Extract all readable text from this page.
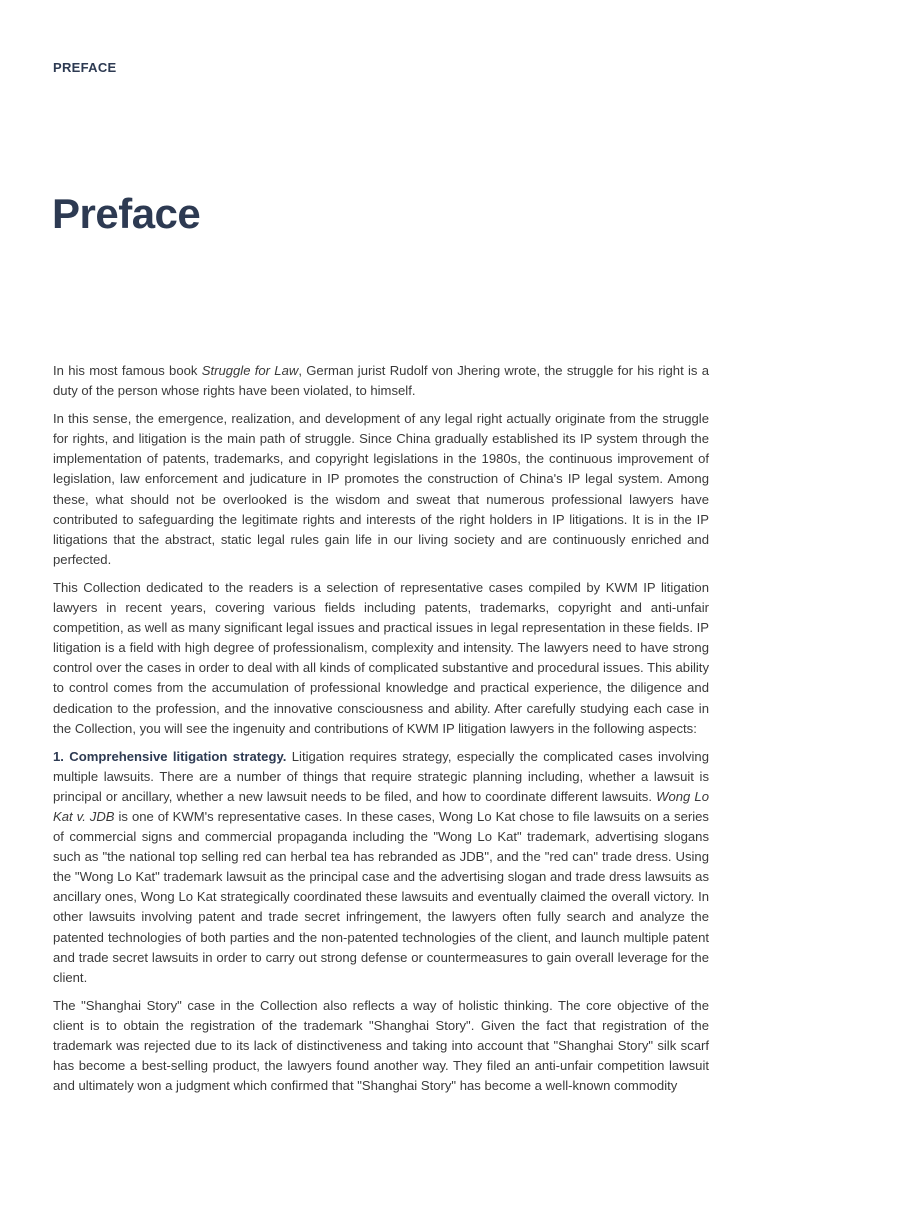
PREFACE
Preface

In his most famous book Struggle for Law, German jurist Rudolf von Jhering wrote, the struggle for his right is a duty of the person whose rights have been violated, to himself.

In this sense, the emergence, realization, and development of any legal right actually originate from the struggle for rights, and litigation is the main path of struggle. Since China gradually established its IP system through the implementation of patents, trademarks, and copyright legislations in the 1980s, the continuous improvement of legislation, law enforcement and judicature in IP promotes the construction of China's IP legal system. Among these, what should not be overlooked is the wisdom and sweat that numerous professional lawyers have contributed to safeguarding the legitimate rights and interests of the right holders in IP litigations. It is in the IP litigations that the abstract, static legal rules gain life in our living society and are continuously enriched and perfected.

This Collection dedicated to the readers is a selection of representative cases compiled by KWM IP litigation lawyers in recent years, covering various fields including patents, trademarks, copyright and anti-unfair competition, as well as many significant legal issues and practical issues in legal representation in these fields. IP litigation is a field with high degree of professionalism, complexity and intensity. The lawyers need to have strong control over the cases in order to deal with all kinds of complicated substantive and procedural issues. This ability to control comes from the accumulation of professional knowledge and practical experience, the diligence and dedication to the profession, and the innovative consciousness and ability. After carefully studying each case in the Collection, you will see the ingenuity and contributions of KWM IP litigation lawyers in the following aspects:

1. Comprehensive litigation strategy. Litigation requires strategy, especially the complicated cases involving multiple lawsuits. There are a number of things that require strategic planning including, whether a lawsuit is principal or ancillary, whether a new lawsuit needs to be filed, and how to coordinate different lawsuits. Wong Lo Kat v. JDB is one of KWM's representative cases. In these cases, Wong Lo Kat chose to file lawsuits on a series of commercial signs and commercial propaganda including the "Wong Lo Kat" trademark, advertising slogans such as "the national top selling red can herbal tea has rebranded as JDB", and the "red can" trade dress. Using the "Wong Lo Kat" trademark lawsuit as the principal case and the advertising slogan and trade dress lawsuits as ancillary ones, Wong Lo Kat strategically coordinated these lawsuits and eventually claimed the overall victory. In other lawsuits involving patent and trade secret infringement, the lawyers often fully search and analyze the patented technologies of both parties and the non-patented technologies of the client, and launch multiple patent and trade secret lawsuits in order to carry out strong defense or countermeasures to gain overall leverage for the client.

The "Shanghai Story" case in the Collection also reflects a way of holistic thinking. The core objective of the client is to obtain the registration of the trademark "Shanghai Story". Given the fact that registration of the trademark was rejected due to its lack of distinctiveness and taking into account that "Shanghai Story" silk scarf has become a best-selling product, the lawyers found another way. They filed an anti-unfair competition lawsuit and ultimately won a judgment which confirmed that "Shanghai Story" has become a well-known commodity
